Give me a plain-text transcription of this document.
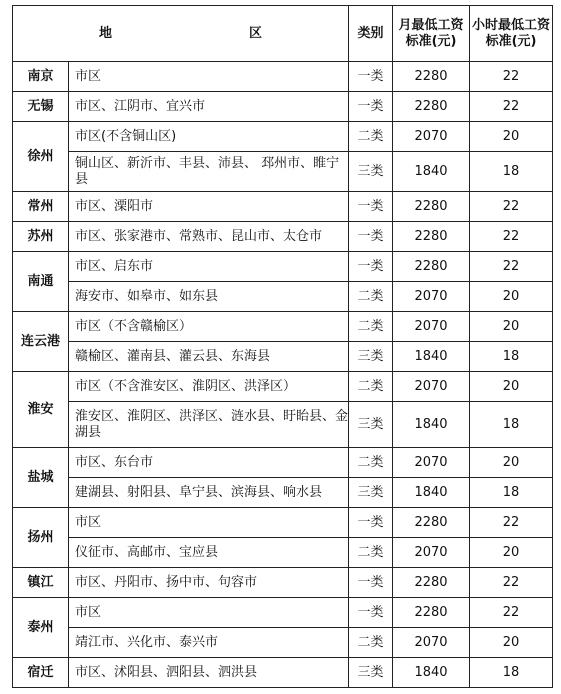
地　区		类别	月最低工资标准(元)	小时最低工资标准(元)
南京	市区	一类	2280	22
无锡	市区、江阴市、宜兴市	一类	2280	22
徐州	市区(不含铜山区)	二类	2070	20
	铜山区、新沂市、丰县、沛县、 邳州市、睢宁县	三类	1840	18
常州	市区、溧阳市	一类	2280	22
苏州	市区、张家港市、常熟市、昆山市、太仓市	一类	2280	22
南通	市区、启东市	一类	2280	22
	海安市、如皋市、如东县	二类	2070	20
连云港	市区（不含赣榆区）	二类	2070	20
	赣榆区、灌南县、灌云县、东海县	三类	1840	18
淮安	市区（不含淮安区、淮阴区、洪泽区）	二类	2070	20
	淮安区、淮阴区、洪泽区、涟水县、盱眙县、金湖县	三类	1840	18
盐城	市区、东台市	二类	2070	20
	建湖县、射阳县、阜宁县、滨海县、响水县	三类	1840	18
扬州	市区	一类	2280	22
	仪征市、高邮市、宝应县	二类	2070	20
镇江	市区、丹阳市、扬中市、句容市	一类	2280	22
泰州	市区	一类	2280	22
	靖江市、兴化市、泰兴市	二类	2070	20
宿迁	市区、沭阳县、泗阳县、泗洪县	三类	1840	18
